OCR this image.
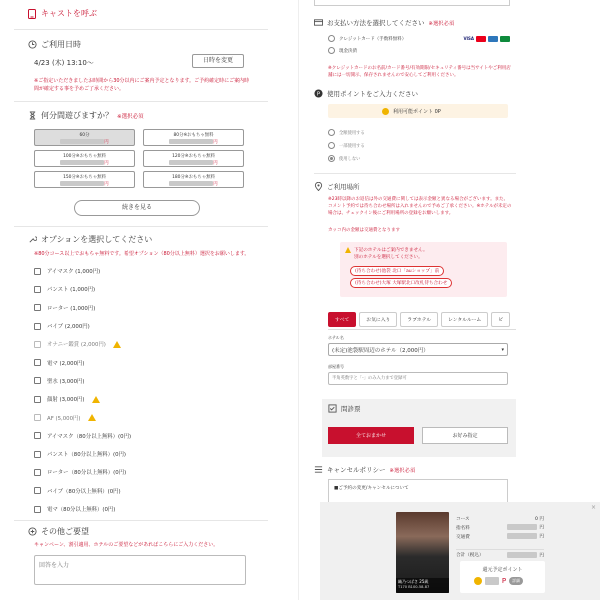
キャストを呼ぶ
ご利用日時
4/23 (木) 13:10〜	日時を変更
※ご指定いただきましたお時間から30分以内にご案内予定となります。ご予約確定時にご案内時間が確定する事を予めご了承ください。
何分間遊びますか？ ※選択必須
60分
円
80分※おもちゃ無料
円
100分※おもちゃ無料
円
120分※おもちゃ無料
円
150分※おもちゃ無料
円
180分※おもちゃ無料
円
続きを見る
オプションを選択してください
※80分コース以上でおもちゃ無料です。希望オプション（80分以上無料）選択をお願いします。
アイマスク (1,000円)
パンスト (1,000円)
ローター (1,000円)
バイブ (2,000円)
オナニー鑑賞 (2,000円)
電マ (2,000円)
聖水 (3,000円)
顔射 (3,000円)
AF (5,000円)
アイマスク（80分以上無料）(0円)
パンスト（80分以上無料）(0円)
ローター（80分以上無料）(0円)
バイブ（80分以上無料）(0円)
電マ（80分以上無料）(0円)
その他ご要望
キャンペーン、割引適用、ホテルのご要望などがあればこちらにご入力ください。
回答を入力
お支払い方法を選択してください ※選択必須
クレジットカード（手数料無料）	VISA
現金決済
※クレジットカードのお名前/カード番号/有効期限/セキュリティ番号は当サイトやご利用店舗には一切開示、保存されませんので安心してご利用ください。
P 使用ポイントをご入力ください
利用可能ポイント 0P
全額使用する
一部使用する
使用しない
ご利用場所
※23時以降のお返信は外の交通費に関しては表示金額と異なる場合がございます。また、コメント予約では待ち合わせ場所は入れませんので予めご了承ください。※ホテルが未定の場合は、チェックイン後にご利用場所の登録をお願いします。
カッコ内の金額は交通費となります
下記のホテルはご案内できません。
別のホテルを選択してください。
(待ち合わせ)池袋 北口「auショップ」前
(待ち合わせ)大塚 大塚駅北口改札待ち合わせ
すべて	お気に入り	ラブホテル	レンタルルーム	ビ
ホテル名
(未定)池袋駅周辺のホテル（2,000円）	▾
部屋番号
半角英数字と「-」のみ入力まで登録可
問診票
全ておまかせ	お好み指定
キャンセルポリシー ※選択必須
■ご予約の変更/キャンセルについて
織乃つばさ 25歳
T170 B100-58-87
コース	0 円
指名料	円
交通費	円
合計（税込）	円
還元予定ポイント
P	詳細
×
